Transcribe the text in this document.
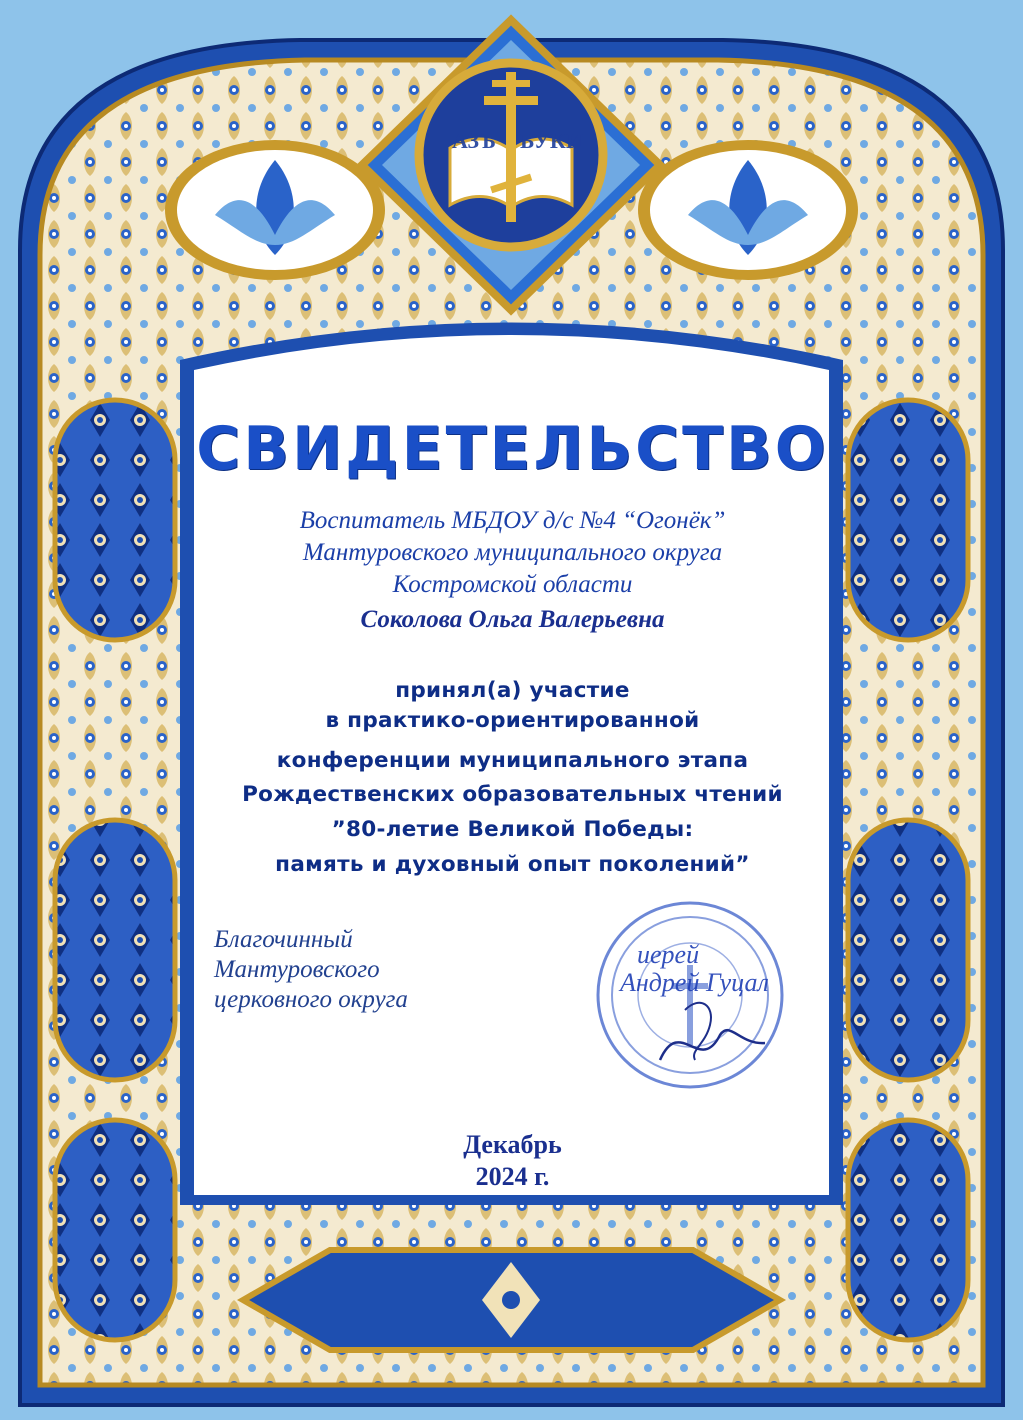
АЗЪ БУКИ
СВИДЕТЕЛЬСТВО

Воспитатель МБДОУ д/с №4 “Огонёк”

Мантуровского муниципального округа

Костромской области

Соколова Ольга Валерьевна

принял(а) участие

в практико-ориентированной

конференции муниципального этапа

Рождественских образовательных чтений

”80-летие Великой Победы:

память и духовный опыт поколений”

Благочинный

Мантуровского

церковного округа

иерей
Андрей Гуцал

Декабрь

2024 г.
